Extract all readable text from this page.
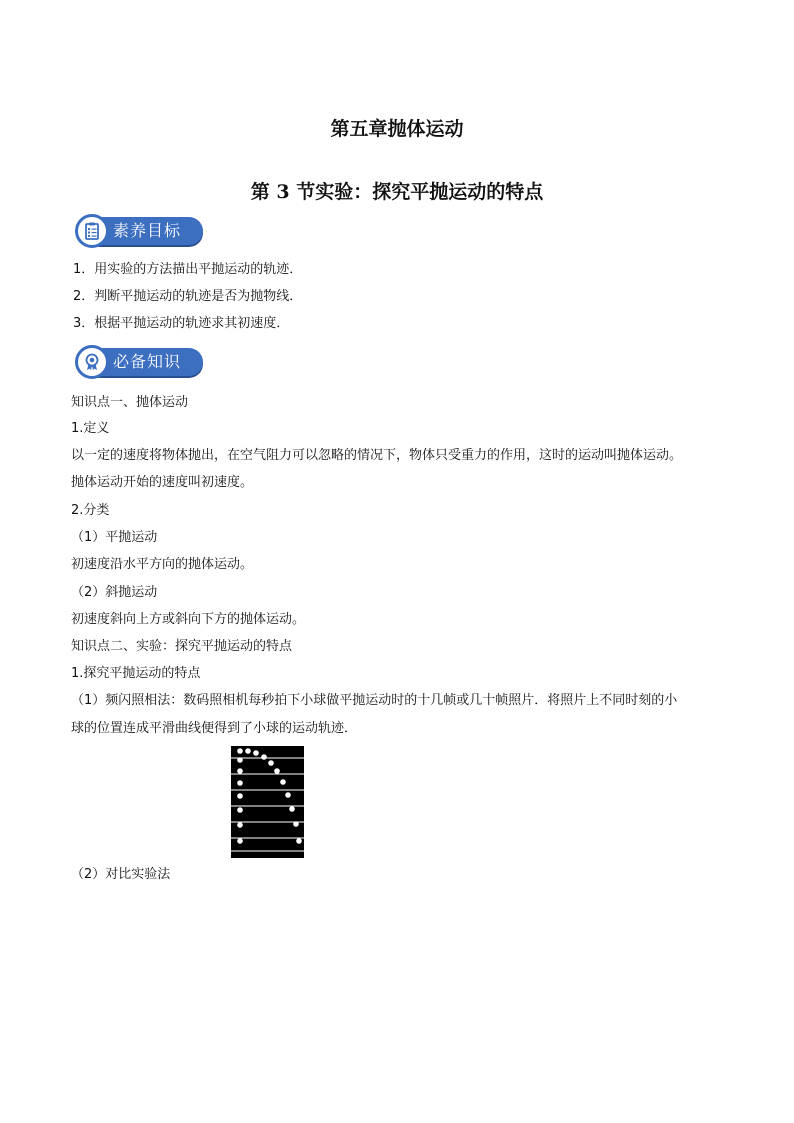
第五章抛体运动
第 3 节实验：探究平抛运动的特点
素养目标
1．用实验的方法描出平抛运动的轨迹．
2．判断平抛运动的轨迹是否为抛物线．
3．根据平抛运动的轨迹求其初速度．
必备知识
知识点一、抛体运动
1.定义
以一定的速度将物体抛出，在空气阻力可以忽略的情况下，物体只受重力的作用，这时的运动叫抛体运动。
抛体运动开始的速度叫初速度。
2.分类
（1）平抛运动
初速度沿水平方向的抛体运动。
（2）斜抛运动
初速度斜向上方或斜向下方的抛体运动。
知识点二、实验：探究平抛运动的特点
1.探究平抛运动的特点
（1）频闪照相法：数码照相机每秒拍下小球做平抛运动时的十几帧或几十帧照片．将照片上不同时刻的小
球的位置连成平滑曲线便得到了小球的运动轨迹．
（2）对比实验法
